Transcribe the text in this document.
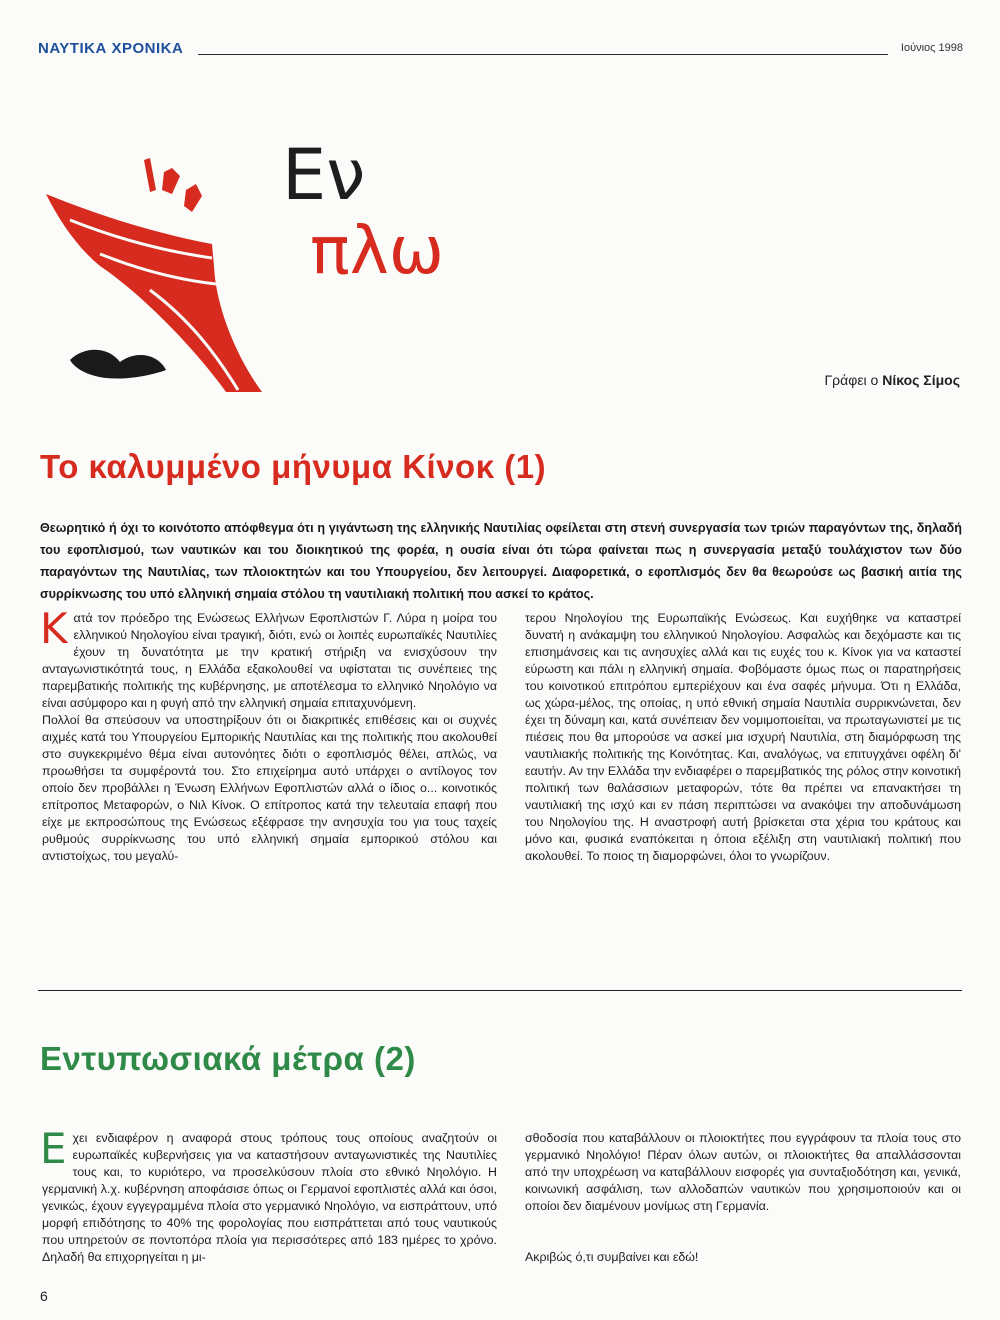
ΝΑΥΤΙΚΑ ΧΡΟΝΙΚΑ	Ιούνιος 1998
Εν
πλω
Γράφει ο Νίκος Σίμος
Το καλυμμένο μήνυμα Κίνοκ (1)

Θεωρητικό ή όχι το κοινότοπο απόφθεγμα ότι η γιγάντωση της ελληνικής Ναυτιλίας οφείλεται στη στενή συνεργασία των τριών παραγόντων της, δηλαδή του εφοπλισμού, των ναυτικών και του διοικητικού της φορέα, η ουσία είναι ότι τώρα φαίνεται πως η συνεργασία μεταξύ τουλάχιστον των δύο παραγόντων της Ναυτιλίας, των πλοιοκτητών και του Υπουργείου, δεν λειτουργεί. Διαφορετικά, ο εφοπλισμός δεν θα θεωρούσε ως βασική αιτία της συρρίκνωσης του υπό ελληνική σημαία στόλου τη ναυτιλιακή πολιτική που ασκεί το κράτος.

Κατά τον πρόεδρο της Ενώσεως Ελλήνων Εφοπλιστών Γ. Λύρα η μοίρα του ελληνικού Νηολογίου είναι τραγική, διότι, ενώ οι λοιπές ευρωπαϊκές Ναυτιλίες έχουν τη δυνατότητα με την κρατική στήριξη να ενισχύσουν την ανταγωνιστικότητά τους, η Ελλάδα εξακολουθεί να υφίσταται τις συνέπειες της παρεμβατικής πολιτικής της κυβέρνησης, με αποτέλεσμα το ελληνικό Νηολόγιο να είναι ασύμφορο και η φυγή από την ελληνική σημαία επιταχυνόμενη.

Πολλοί θα σπεύσουν να υποστηρίξουν ότι οι διακριτικές επιθέσεις και οι συχνές αιχμές κατά του Υπουργείου Εμπορικής Ναυτιλίας και της πολιτικής που ακολουθεί στο συγκεκριμένο θέμα είναι αυτονόητες διότι ο εφοπλισμός θέλει, απλώς, να προωθήσει τα συμφέροντά του. Στο επιχείρημα αυτό υπάρχει ο αντίλογος τον οποίο δεν προβάλλει η Ένωση Ελλήνων Εφοπλιστών αλλά ο ίδιος ο... κοινοτικός επίτροπος Μεταφορών, ο Νιλ Κίνοκ. Ο επίτροπος κατά την τελευταία επαφή που είχε με εκπροσώπους της Ενώσεως εξέφρασε την ανησυχία του για τους ταχείς ρυθμούς συρρίκνωσης του υπό ελληνική σημαία εμπορικού στόλου και αντιστοίχως, του μεγαλύ-

τερου Νηολογίου της Ευρωπαϊκής Ενώσεως. Και ευχήθηκε να καταστρεί δυνατή η ανάκαμψη του ελληνικού Νηολογίου. Ασφαλώς και δεχόμαστε και τις επισημάνσεις και τις ανησυχίες αλλά και τις ευχές του κ. Κίνοκ για να καταστεί εύρωστη και πάλι η ελληνική σημαία. Φοβόμαστε όμως πως οι παρατηρήσεις του κοινοτικού επιτρόπου εμπερiέχουν και ένα σαφές μήνυμα. Ότι η Ελλάδα, ως χώρα-μέλος, της οποίας, η υπό εθνική σημαία Ναυτιλία συρρικνώνεται, δεν έχει τη δύναμη και, κατά συνέπειαν δεν νομιμοποιείται, να πρωταγωνιστεί με τις πιέσεις που θα μπορούσε να ασκεί μια ισχυρή Ναυτιλία, στη διαμόρφωση της ναυτιλιακής πολιτικής της Κοινότητας. Και, αναλόγως, να επιτυγχάνει οφέλη δι' εαυτήν. Αν την Ελλάδα την ενδιαφέρει ο παρεμβατικός της ρόλος στην κοινοτική πολιτική των θαλάσσιων μεταφορών, τότε θα πρέπει να επανακτήσει τη ναυτιλιακή της ισχύ και εν πάση περιπτώσει να ανακόψει την αποδυνάμωση του Νηολογίου της. Η αναστροφή αυτή βρίσκεται στα χέρια του κράτους και μόνο και, φυσικά εναπόκειται η όποια εξέλιξη στη ναυτιλιακή πολιτική που ακολουθεί. Το ποιος τη διαμορφώνει, όλοι το γνωρίζουν.

Εντυπωσιακά μέτρα (2)

Εχει ενδιαφέρον η αναφορά στους τρόπους τους οποίους αναζητούν οι ευρωπαϊκές κυβερνήσεις για να καταστήσουν ανταγωνιστικές της Ναυτιλίες τους και, το κυριότερο, να προσελκύσουν πλοία στο εθνικό Νηολόγιο. Η γερμανική λ.χ. κυβέρνηση αποφάσισε όπως οι Γερμανοί εφοπλιστές αλλά και όσοι, γενικώς, έχουν εγγεγραμμένα πλοία στο γερμανικό Νηολόγιο, να εισπράττουν, υπό μορφή επιδότησης το 40% της φορολογίας που εισπράττεται από τους ναυτικούς που υπηρετούν σε ποντοπόρα πλοία για περισσότερες από 183 ημέρες το χρόνο. Δηλαδή θα επιχορηγείται η μι-

σθοδοσία που καταβάλλουν οι πλοιοκτήτες που εγγράφουν τα πλοία τους στο γερμανικό Νηολόγιο! Πέραν όλων αυτών, οι πλοιοκτήτες θα απαλλάσσονται από την υποχρέωση να καταβάλλουν εισφορές για συνταξιοδότηση και, γενικά, κοινωνική ασφάλιση, των αλλοδαπών ναυτικών που χρησιμοποιούν και οι οποίοι δεν διαμένουν μονίμως στη Γερμανία.

Ακριβώς ό,τι συμβαίνει και εδώ!

6
